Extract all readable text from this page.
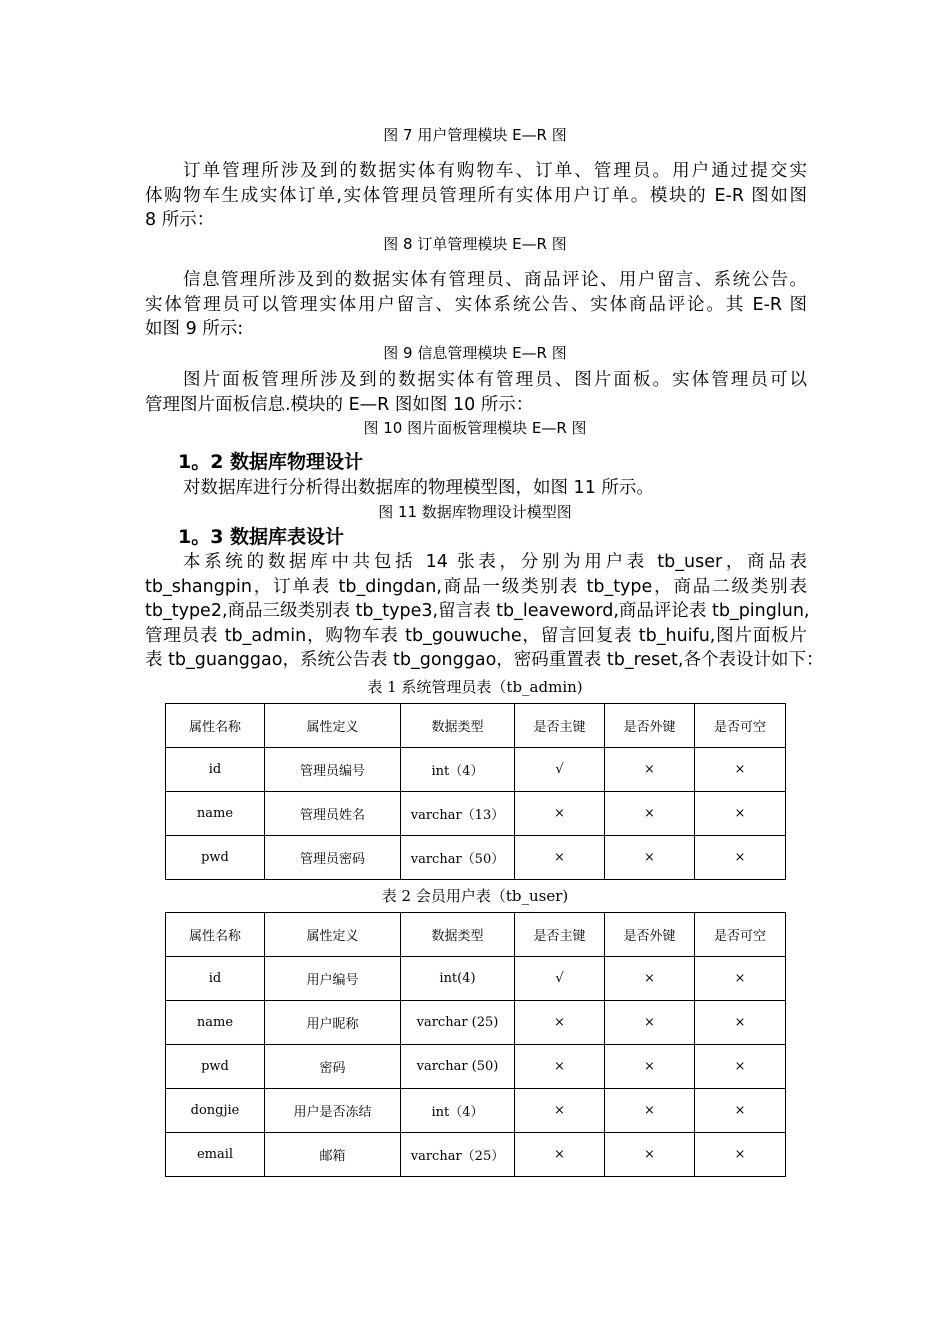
图 7 用户管理模块 E—R 图
订单管理所涉及到的数据实体有购物车、订单、管理员。用户通过提交实
体购物车生成实体订单,实体管理员管理所有实体用户订单。模块的 E-R 图如图
8 所示：
图 8 订单管理模块 E—R 图
信息管理所涉及到的数据实体有管理员、商品评论、用户留言、系统公告。
实体管理员可以管理实体用户留言、实体系统公告、实体商品评论。其 E-R 图
如图 9 所示:
图 9 信息管理模块 E—R 图
图片面板管理所涉及到的数据实体有管理员、图片面板。实体管理员可以
管理图片面板信息.模块的 E—R 图如图 10 所示：
图 10 图片面板管理模块 E—R 图
1。2 数据库物理设计
对数据库进行分析得出数据库的物理模型图，如图 11 所示。
图 11 数据库物理设计模型图
1。3 数据库表设计
本系统的数据库中共包括 14 张表，分别为用户表 tb_user，商品表
tb_shangpin，订单表 tb_dingdan,商品一级类别表 tb_type，商品二级类别表
tb_type2,商品三级类别表 tb_type3,留言表 tb_leaveword,商品评论表 tb_pinglun,
管理员表 tb_admin，购物车表 tb_gouwuche，留言回复表 tb_huifu,图片面板片
表 tb_guanggao，系统公告表 tb_gonggao，密码重置表 tb_reset,各个表设计如下：
表 1 系统管理员表（tb_admin)
属性名称	属性定义	数据类型	是否主键	是否外键	是否可空
id	管理员编号	int（4）	√	×	×
name	管理员姓名	varchar（13）	×	×	×
pwd	管理员密码	varchar（50）	×	×	×
表 2 会员用户表（tb_user)
属性名称	属性定义	数据类型	是否主键	是否外键	是否可空
id	用户编号	int(4)	√	×	×
name	用户昵称	varchar (25)	×	×	×
pwd	密码	varchar (50)	×	×	×
dongjie	用户是否冻结	int（4）	×	×	×
email	邮箱	varchar（25）	×	×	×
